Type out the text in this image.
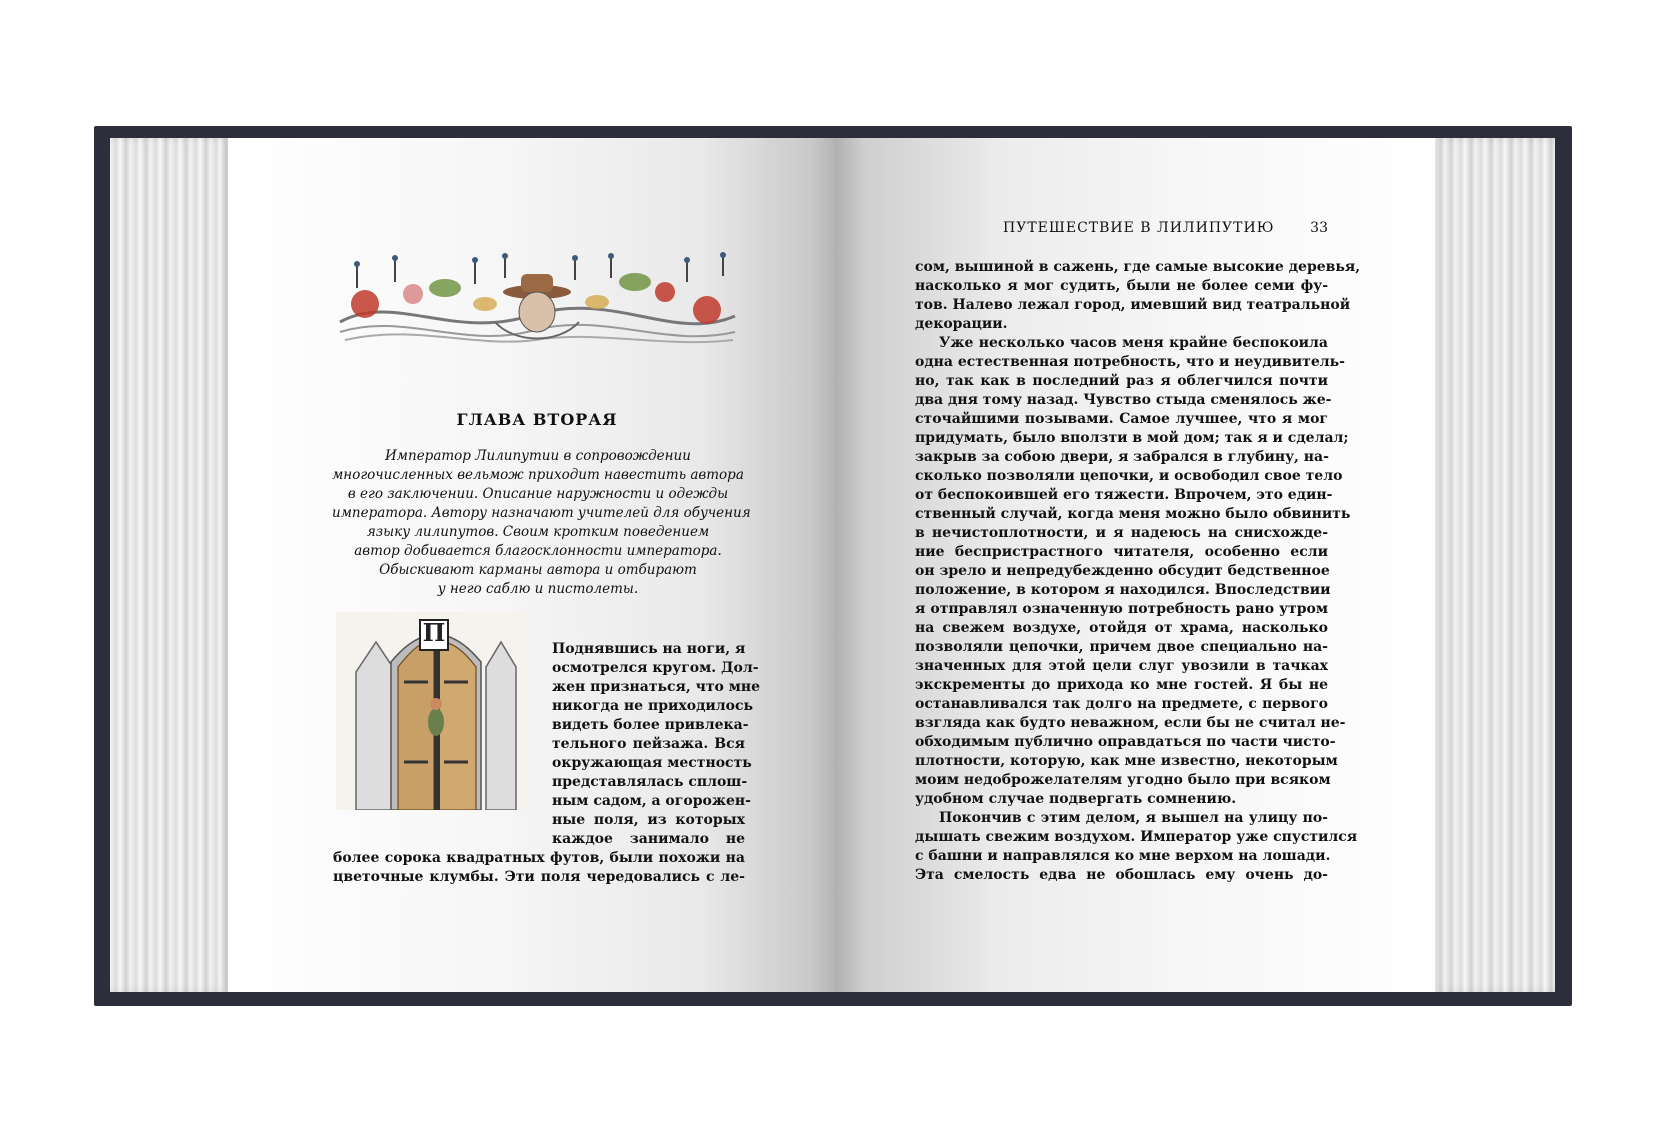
ПУТЕШЕСТВИЕ В ЛИЛИПУТИЮ	33
ГЛАВА ВТОРАЯ
Император Лилипутии в сопровождении
многочисленных вельмож приходит навестить автора
в его заключении. Описание наружности и одежды
императора. Автору назначают учителей для обучения
языку лилипутов. Своим кротким поведением
автор добивается благосклонности императора.
Обыскивают карманы автора и отбирают
у него саблю и пистолеты.
П
Поднявшись на ноги, я
осмотрелся кругом. Дол-
жен признаться, что мне
никогда не приходилось
видеть более привлека-
тельного пейзажа. Вся
окружающая местность
представлялась сплош-
ным садом, а огорожен-
ные поля, из которых
каждое занимало не
более сорока квадратных футов, были похожи на
цветочные клумбы. Эти поля чередовались с ле-
сом, вышиной в сажень, где самые высокие деревья,
насколько я мог судить, были не более семи фу-
тов. Налево лежал город, имевший вид театральной
декорации.
Уже несколько часов меня крайне беспокоила
одна естественная потребность, что и неудивитель-
но, так как в последний раз я облегчился почти
два дня тому назад. Чувство стыда сменялось же-
сточайшими позывами. Самое лучшее, что я мог
придумать, было вползти в мой дом; так я и сделал;
закрыв за собою двери, я забрался в глубину, на-
сколько позволяли цепочки, и освободил свое тело
от беспокоившей его тяжести. Впрочем, это един-
ственный случай, когда меня можно было обвинить
в нечистоплотности, и я надеюсь на снисхожде-
ние беспристрастного читателя, особенно если
он зрело и непредубежденно обсудит бедственное
положение, в котором я находился. Впоследствии
я отправлял означенную потребность рано утром
на свежем воздухе, отойдя от храма, насколько
позволяли цепочки, причем двое специально на-
значенных для этой цели слуг увозили в тачках
экскременты до прихода ко мне гостей. Я бы не
останавливался так долго на предмете, с первого
взгляда как будто неважном, если бы не считал не-
обходимым публично оправдаться по части чисто-
плотности, которую, как мне известно, некоторым
моим недоброжелателям угодно было при всяком
удобном случае подвергать сомнению.
Покончив с этим делом, я вышел на улицу по-
дышать свежим воздухом. Император уже спустился
с башни и направлялся ко мне верхом на лошади.
Эта смелость едва не обошлась ему очень до-
